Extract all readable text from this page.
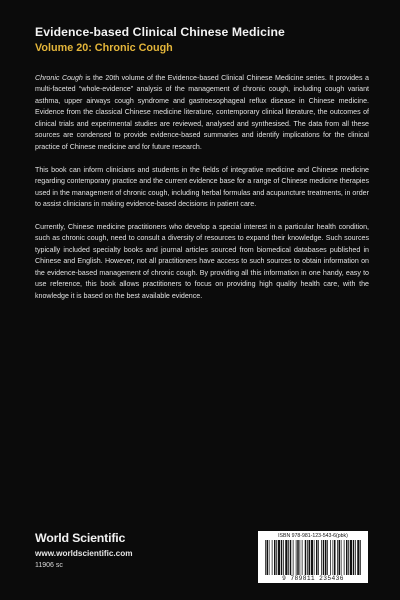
Evidence-based Clinical Chinese Medicine
Volume 20: Chronic Cough

Chronic Cough is the 20th volume of the Evidence-based Clinical Chinese Medicine series. It provides a multi-faceted “whole-evidence” analysis of the management of chronic cough, including cough variant asthma, upper airways cough syndrome and gastroesophageal reflux disease in Chinese medicine. Evidence from the classical Chinese medicine literature, contemporary clinical literature, the outcomes of clinical trials and experimental studies are reviewed, analysed and synthesised. The data from all these sources are condensed to provide evidence-based summaries and identify implications for the clinical practice of Chinese medicine and for future research.

This book can inform clinicians and students in the fields of integrative medicine and Chinese medicine regarding contemporary practice and the current evidence base for a range of Chinese medicine therapies used in the management of chronic cough, including herbal formulas and acupuncture treatments, in order to assist clinicians in making evidence-based decisions in patient care.

Currently, Chinese medicine practitioners who develop a special interest in a particular health condition, such as chronic cough, need to consult a diversity of resources to expand their knowledge. Such sources typically included specialty books and journal articles sourced from biomedical databases published in Chinese and English. However, not all practitioners have access to such sources to obtain information on the evidence-based management of chronic cough. By providing all this information in one handy, easy to use reference, this book allows practitioners to focus on providing high quality health care, with the knowledge it is based on the best available evidence.

World Scientific
www.worldscientific.com
11906 sc
ISBN 978-981-123-543-6(pbk)
9 789811 235436
